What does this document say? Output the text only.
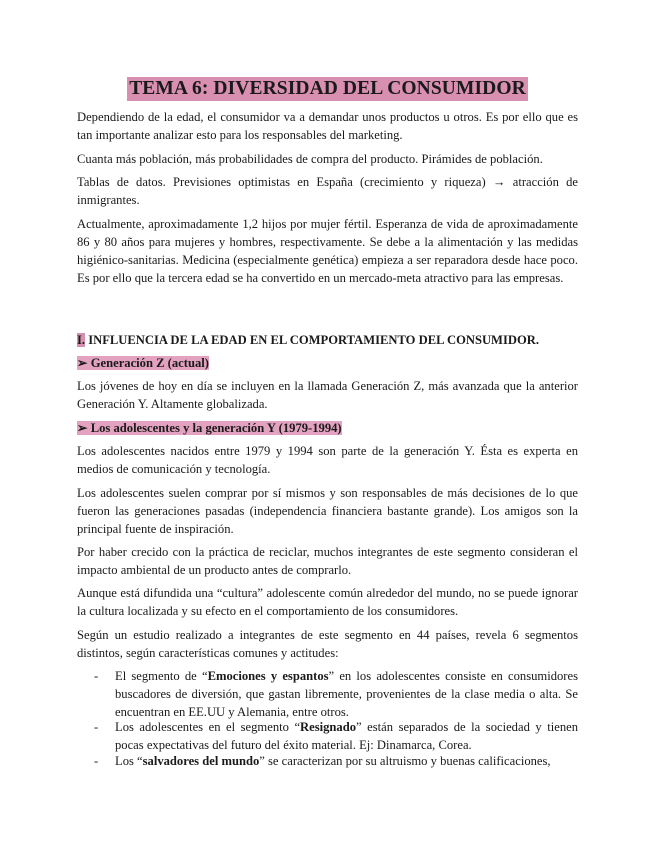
TEMA 6: DIVERSIDAD DEL CONSUMIDOR

Dependiendo de la edad, el consumidor va a demandar unos productos u otros. Es por ello que es tan importante analizar esto para los responsables del marketing.

Cuanta más población, más probabilidades de compra del producto. Pirámides de población.

Tablas de datos. Previsiones optimistas en España (crecimiento y riqueza) → atracción de inmigrantes.

Actualmente, aproximadamente 1,2 hijos por mujer fértil. Esperanza de vida de aproximadamente 86 y 80 años para mujeres y hombres, respectivamente. Se debe a la alimentación y las medidas higiénico-sanitarias. Medicina (especialmente genética) empieza a ser reparadora desde hace poco. Es por ello que la tercera edad se ha convertido en un mercado-meta atractivo para las empresas.

I. INFLUENCIA DE LA EDAD EN EL COMPORTAMIENTO DEL CONSUMIDOR.

➢ Generación Z (actual)

Los jóvenes de hoy en día se incluyen en la llamada Generación Z, más avanzada que la anterior Generación Y. Altamente globalizada.

➢ Los adolescentes y la generación Y (1979-1994)

Los adolescentes nacidos entre 1979 y 1994 son parte de la generación Y. Ésta es experta en medios de comunicación y tecnología.

Los adolescentes suelen comprar por sí mismos y son responsables de más decisiones de lo que fueron las generaciones pasadas (independencia financiera bastante grande). Los amigos son la principal fuente de inspiración.

Por haber crecido con la práctica de reciclar, muchos integrantes de este segmento consideran el impacto ambiental de un producto antes de comprarlo.

Aunque está difundida una “cultura” adolescente común alrededor del mundo, no se puede ignorar la cultura localizada y su efecto en el comportamiento de los consumidores.

Según un estudio realizado a integrantes de este segmento en 44 países, revela 6 segmentos distintos, según características comunes y actitudes:

- El segmento de “Emociones y espantos” en los adolescentes consiste en consumidores buscadores de diversión, que gastan libremente, provenientes de la clase media o alta. Se encuentran en EE.UU y Alemania, entre otros.
- Los adolescentes en el segmento “Resignado” están separados de la sociedad y tienen pocas expectativas del futuro del éxito material. Ej: Dinamarca, Corea.
- Los “salvadores del mundo” se caracterizan por su altruismo y buenas calificaciones,
